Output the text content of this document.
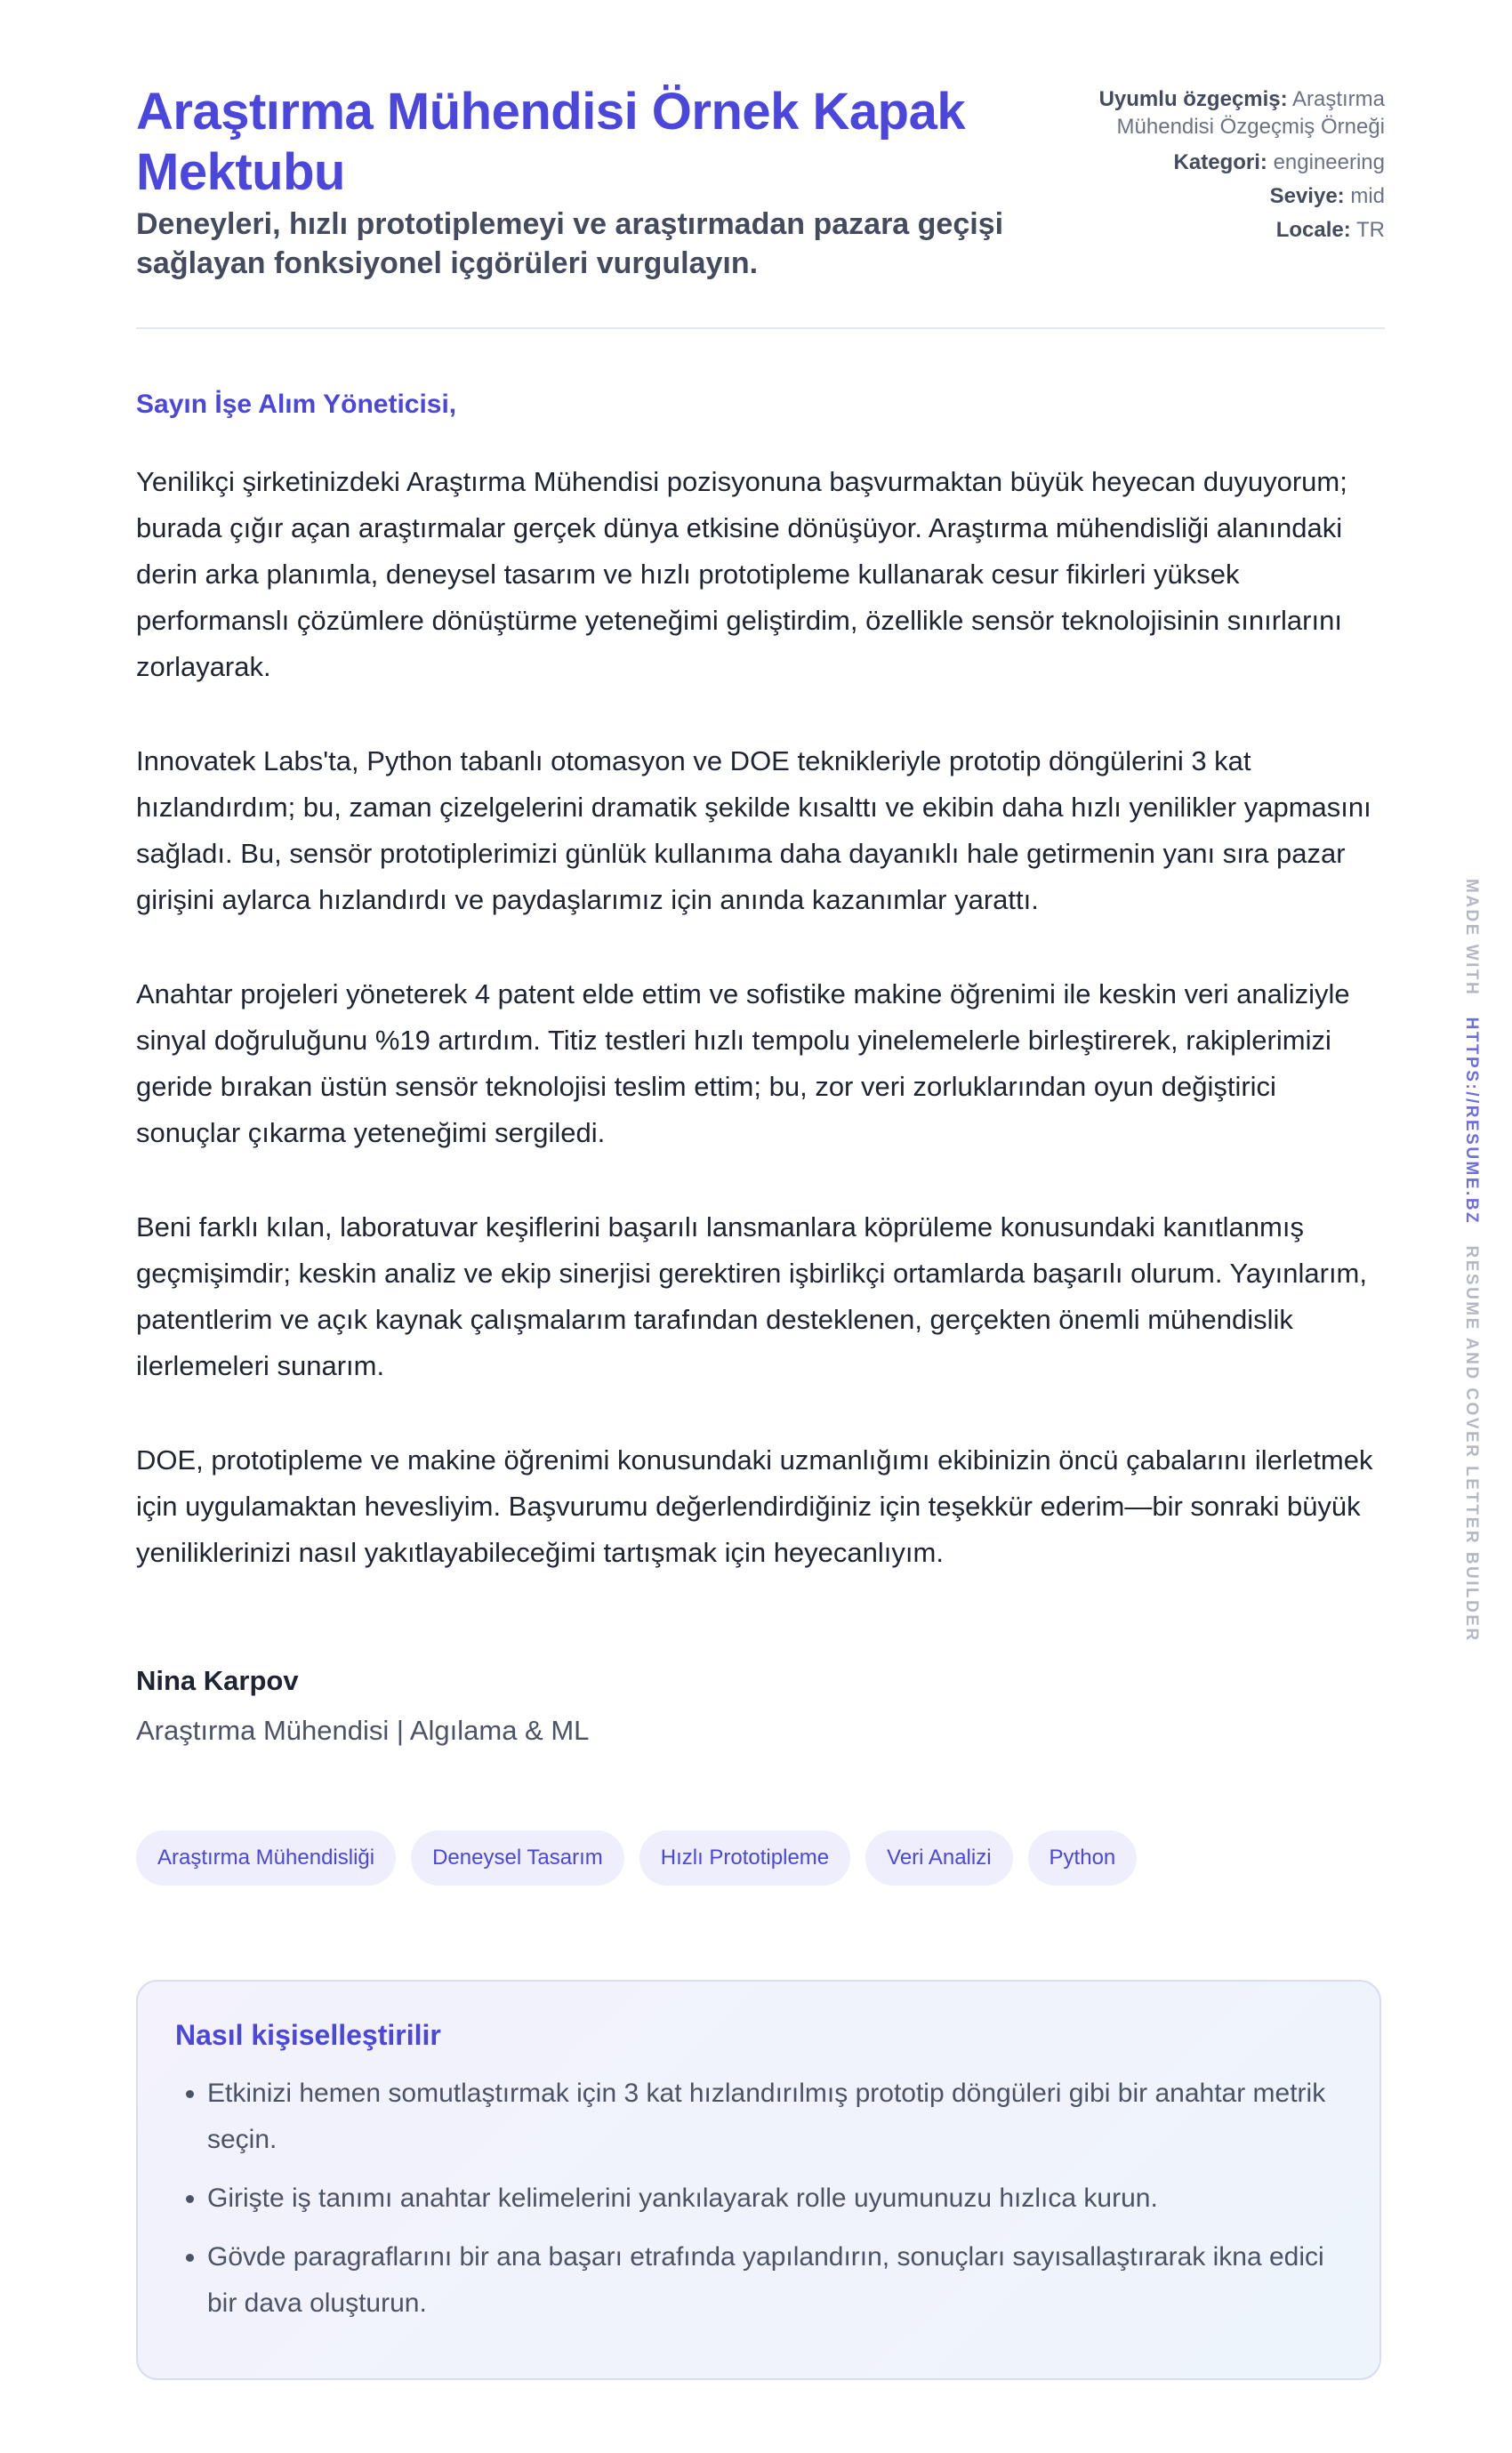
Araştırma Mühendisi Örnek Kapak Mektubu

Deneyleri, hızlı prototiplemeyi ve araştırmadan pazara geçişi sağlayan fonksiyonel içgörüleri vurgulayın.

Uyumlu özgeçmiş: Araştırma Mühendisi Özgeçmiş Örneği
Kategori: engineering
Seviye: mid
Locale: TR
Sayın İşe Alım Yöneticisi,

Yenilikçi şirketinizdeki Araştırma Mühendisi pozisyonuna başvurmaktan büyük heyecan duyuyorum; burada çığır açan araştırmalar gerçek dünya etkisine dönüşüyor. Araştırma mühendisliği alanındaki derin arka planımla, deneysel tasarım ve hızlı prototipleme kullanarak cesur fikirleri yüksek performanslı çözümlere dönüştürme yeteneğimi geliştirdim, özellikle sensör teknolojisinin sınırlarını zorlayarak.

Innovatek Labs'ta, Python tabanlı otomasyon ve DOE teknikleriyle prototip döngülerini 3 kat hızlandırdım; bu, zaman çizelgelerini dramatik şekilde kısalttı ve ekibin daha hızlı yenilikler yapmasını sağladı. Bu, sensör prototiplerimizi günlük kullanıma daha dayanıklı hale getirmenin yanı sıra pazar girişini aylarca hızlandırdı ve paydaşlarımız için anında kazanımlar yarattı.

Anahtar projeleri yöneterek 4 patent elde ettim ve sofistike makine öğrenimi ile keskin veri analiziyle sinyal doğruluğunu %19 artırdım. Titiz testleri hızlı tempolu yinelemelerle birleştirerek, rakiplerimizi geride bırakan üstün sensör teknolojisi teslim ettim; bu, zor veri zorluklarından oyun değiştirici sonuçlar çıkarma yeteneğimi sergiledi.

Beni farklı kılan, laboratuvar keşiflerini başarılı lansmanlara köprüleme konusundaki kanıtlanmış geçmişimdir; keskin analiz ve ekip sinerjisi gerektiren işbirlikçi ortamlarda başarılı olurum. Yayınlarım, patentlerim ve açık kaynak çalışmalarım tarafından desteklenen, gerçekten önemli mühendislik ilerlemeleri sunarım.

DOE, prototipleme ve makine öğrenimi konusundaki uzmanlığımı ekibinizin öncü çabalarını ilerletmek için uygulamaktan hevesliyim. Başvurumu değerlendirdiğiniz için teşekkür ederim—bir sonraki büyük yeniliklerinizi nasıl yakıtlayabileceğimi tartışmak için heyecanlıyım.

Nina Karpov
Araştırma Mühendisi | Algılama & ML
Araştırma Mühendisliği	Deneysel Tasarım	Hızlı Prototipleme	Veri Analizi	Python
Nasıl kişiselleştirilir
• Etkinizi hemen somutlaştırmak için 3 kat hızlandırılmış prototip döngüleri gibi bir anahtar metrik seçin.
• Girişte iş tanımı anahtar kelimelerini yankılayarak rolle uyumunuzu hızlıca kurun.
• Gövde paragraflarını bir ana başarı etrafında yapılandırın, sonuçları sayısallaştırarak ikna edici bir dava oluşturun.
MADE WITH   HTTPS://RESUME.BZ   RESUME AND COVER LETTER BUILDER
